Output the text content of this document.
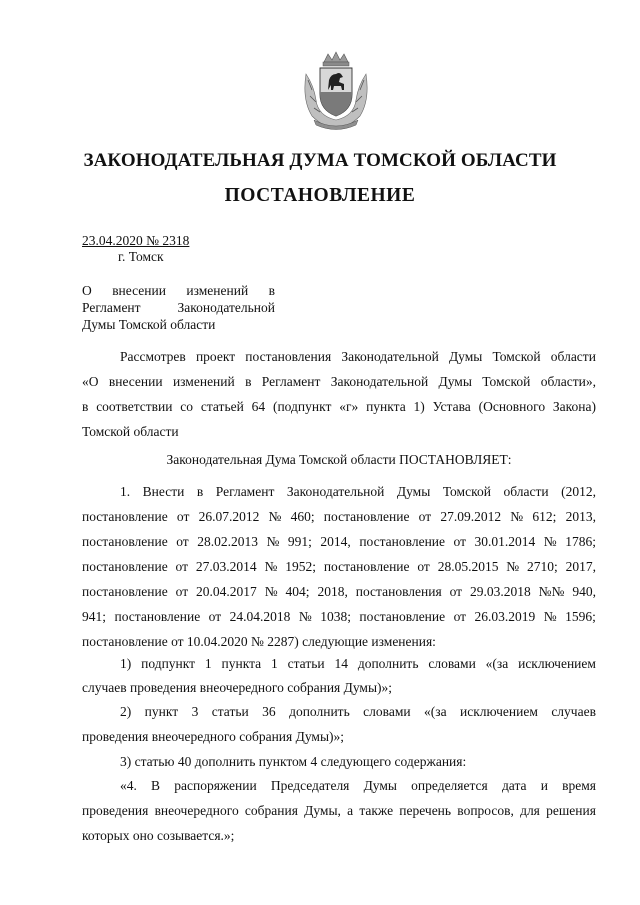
ЗАКОНОДАТЕЛЬНАЯ ДУМА ТОМСКОЙ ОБЛАСТИ
ПОСТАНОВЛЕНИЕ
23.04.2020 № 2318
г. Томск
О внесении изменений в
Регламент	Законодательной
Думы Томской области
Рассмотрев проект постановления Законодательной Думы Томской области
«О внесении изменений в Регламент Законодательной Думы Томской области»,
в соответствии со статьей 64 (подпункт «г» пункта 1) Устава (Основного Закона)
Томской области
Законодательная Дума Томской области ПОСТАНОВЛЯЕТ:
1. Внести в Регламент Законодательной Думы Томской области (2012,
постановление от 26.07.2012 № 460; постановление от 27.09.2012 № 612; 2013,
постановление от 28.02.2013 № 991; 2014, постановление от 30.01.2014 № 1786;
постановление от 27.03.2014 № 1952; постановление от 28.05.2015 № 2710; 2017,
постановление от 20.04.2017 № 404; 2018, постановления от 29.03.2018 №№ 940,
941; постановление от 24.04.2018 № 1038; постановление от 26.03.2019 № 1596;
постановление от 10.04.2020 № 2287) следующие изменения:
1) подпункт 1 пункта 1 статьи 14 дополнить словами «(за исключением
случаев проведения внеочередного собрания Думы)»;
2) пункт 3 статьи 36 дополнить словами «(за исключением случаев
проведения внеочередного собрания Думы)»;
3) статью 40 дополнить пунктом 4 следующего содержания:
«4. В распоряжении Председателя Думы определяется дата и время
проведения внеочередного собрания Думы, а также перечень вопросов, для решения
которых оно созывается.»;
